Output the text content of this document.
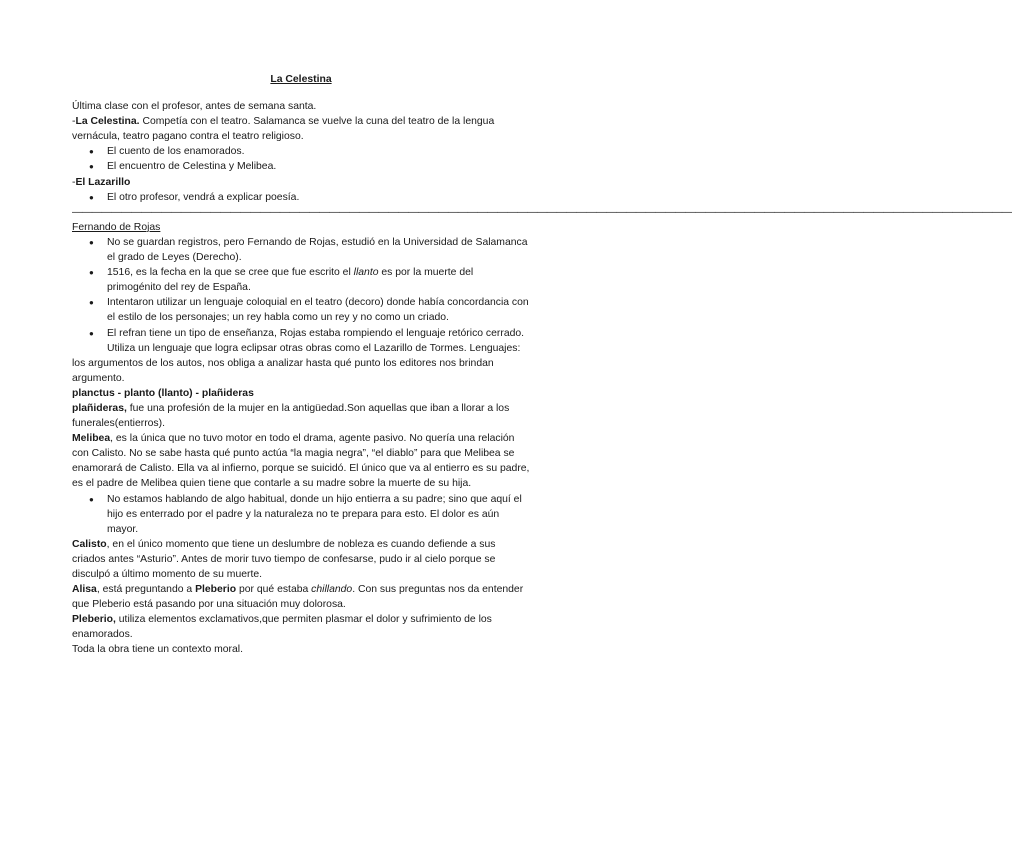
La Celestina

Última clase con el profesor, antes de semana santa.

-La Celestina. Competía con el teatro. Salamanca se vuelve la cuna del teatro de la lengua vernácula, teatro pagano contra el teatro religioso.

● El cuento de los enamorados.
● El encuentro de Celestina y Melibea.

-El Lazarillo

● El otro profesor, vendrá a explicar poesía.

———————————————————————————————————————————————————————————————————————————————————————————————

Fernando de Rojas

● No se guardan registros, pero Fernando de Rojas, estudió en la Universidad de Salamanca el grado de Leyes (Derecho).
● 1516, es la fecha en la que se cree que fue escrito el llanto es por la muerte del primogénito del rey de España.
● Intentaron utilizar un lenguaje coloquial en el teatro (decoro) donde había concordancia con el estilo de los personajes; un rey habla como un rey y no como un criado.
● El refran tiene un tipo de enseñanza, Rojas estaba rompiendo el lenguaje retórico cerrado. Utiliza un lenguaje que logra eclipsar otras obras como el Lazarillo de Tormes. Lenguajes:

los argumentos de los autos, nos obliga a analizar hasta qué punto los editores nos brindan argumento.

planctus - planto (llanto) - plañideras

plañideras, fue una profesión de la mujer en la antigüedad.Son aquellas que iban a llorar a los funerales(entierros).

Melibea, es la única que no tuvo motor en todo el drama, agente pasivo. No quería una relación con Calisto. No se sabe hasta qué punto actúa “la magia negra”, “el diablo” para que Melibea se enamorará de Calisto. Ella va al infierno, porque se suicidó. El único que va al entierro es su padre, es el padre de Melibea quien tiene que contarle a su madre sobre la muerte de su hija.

● No estamos hablando de algo habitual, donde un hijo entierra a su padre; sino que aquí el hijo es enterrado por el padre y la naturaleza no te prepara para esto. El dolor es aún mayor.

Calisto, en el único momento que tiene un deslumbre de nobleza es cuando defiende a sus criados antes “Asturio”. Antes de morir tuvo tiempo de confesarse, pudo ir al cielo porque se disculpó a último momento de su muerte.

Alisa, está preguntando a Pleberio por qué estaba chillando. Con sus preguntas nos da entender que Pleberio está pasando por una situación muy dolorosa.

Pleberio, utiliza elementos exclamativos,que permiten plasmar el dolor y sufrimiento de los enamorados.

Toda la obra tiene un contexto moral.
